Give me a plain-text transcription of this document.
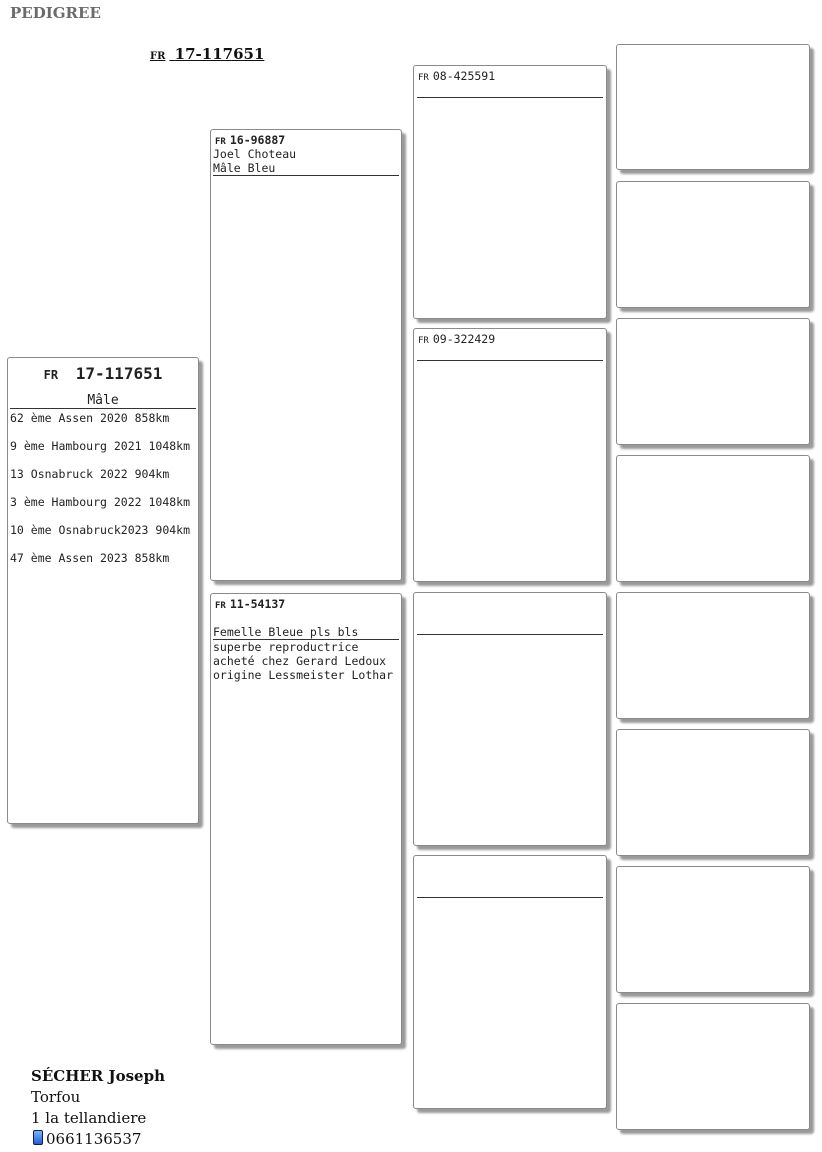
PEDIGREE
FR 17-117651
FR 17-117651
Mâle
62 ème Assen 2020 858km
9 ème Hambourg 2021 1048km
13 Osnabruck 2022 904km
3 ème Hambourg 2022 1048km
10 ème Osnabruck2023 904km
47 ème Assen 2023 858km
FR 16-96887
Joel Choteau
Mâle Bleu
FR 11-54137
Femelle Bleue pls bls
superbe reproductrice
acheté chez Gerard Ledoux
origine Lessmeister Lothar
FR 08-425591
FR 09-322429
SÉCHER Joseph
Torfou
1 la tellandiere
0661136537
